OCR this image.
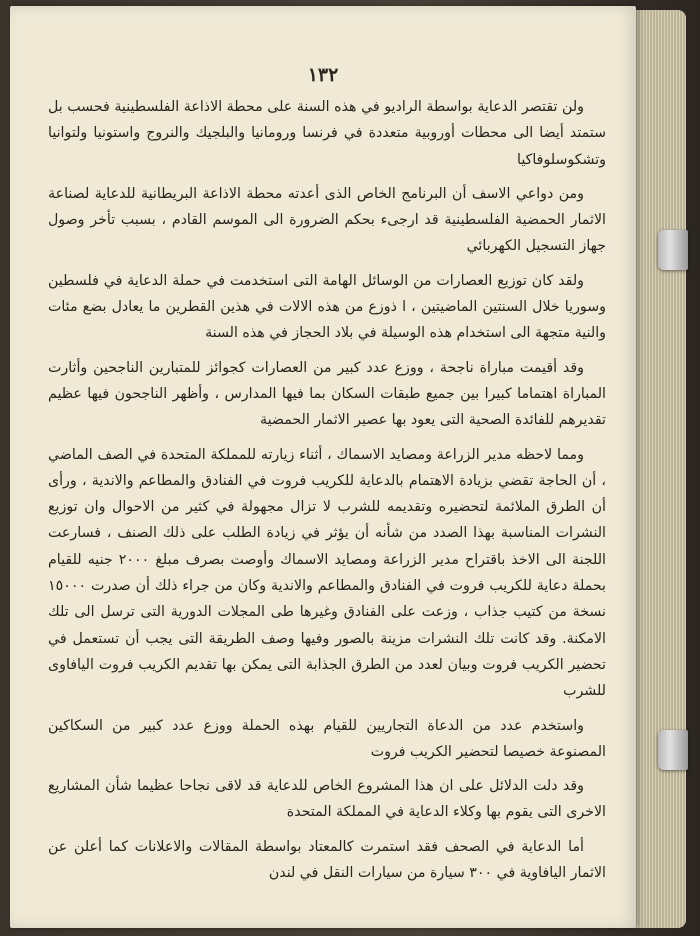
١٣٢

ولن تقتصر الدعاية بواسطة الراديو في هذه السنة على محطة الاذاعة الفلسطينية فحسب بل ستمتد أيضا الى محطات أوروبية متعددة في فرنسا ورومانيا والبلجيك والنروج واستونيا ولتوانيا وتشكوسلوفاكيا

ومن دواعي الاسف أن البرنامج الخاص الذى أعدته محطة الاذاعة البريطانية للدعاية لصناعة الاثمار الحمضية الفلسطينية قد ارجىء بحكم الضرورة الى الموسم القادم ، بسبب تأخر وصول جهاز التسجيل الكهربائي

ولقد كان توزيع العصارات من الوسائل الهامة التى استخدمت في حملة الدعاية في فلسطين وسوريا خلال السنتين الماضيتين ، ا ذوزع من هذه الالات في هذين القطرين ما يعادل بضع مئات والنية متجهة الى استخدام هذه الوسيلة في بلاد الحجاز في هذه السنة

وقد أقيمت مباراة ناجحة ، ووزع عدد كبير من العصارات كجوائز للمتبارين الناجحين وأثارت المباراة اهتماما كبيرا بين جميع طبقات السكان بما فيها المدارس ، وأظهر الناجحون فيها عظيم تقديرهم للفائدة الصحية التى يعود بها عصير الاثمار الحمضية

ومما لاحظه مدير الزراعة ومصايد الاسماك ، أثناء زيارته للمملكة المتحدة في الصف الماضي ، أن الحاجة تقضي بزيادة الاهتمام بالدعاية للكريب فروت في الفنادق والمطاعم والاندية ، ورأى أن الطرق الملائمة لتحضيره وتقديمه للشرب لا تزال مجهولة في كثير من الاحوال وان توزيع النشرات المناسبة بهذا الصدد من شأنه أن يؤثر في زيادة الطلب على ذلك الصنف ، فسارعت اللجنة الى الاخذ باقتراح مدير الزراعة ومصايد الاسماك وأوصت بصرف مبلغ ٢٠٠٠ جنيه للقيام بحملة دعاية للكريب فروت في الفنادق والمطاعم والاندية وكان من جراء ذلك أن صدرت ١٥٠٠٠ نسخة من كتيب جذاب ، وزعت على الفنادق وغيرها طى المجلات الدورية التى ترسل الى تلك الامكنة. وقد كانت تلك النشرات مزينة بالصور وفيها وصف الطريقة التى يجب أن تستعمل في تحضير الكريب فروت وبيان لعدد من الطرق الجذابة التى يمكن بها تقديم الكريب فروت اليافاوى للشرب

واستخدم عدد من الدعاة التجاريين للقيام بهذه الحملة ووزع عدد كبير من السكاكين المصنوعة خصيصا لتحضير الكريب فروت

وقد دلت الدلائل على ان هذا المشروع الخاص للدعاية قد لاقى نجاحا عظيما شأن المشاريع الاخرى التى يقوم بها وكلاء الدعاية في المملكة المتحدة

أما الدعاية في الصحف فقد استمرت كالمعتاد بواسطة المقالات والاعلانات كما أعلن عن الاثمار اليافاوية في ٣٠٠ سيارة من سيارات النقل في لندن
